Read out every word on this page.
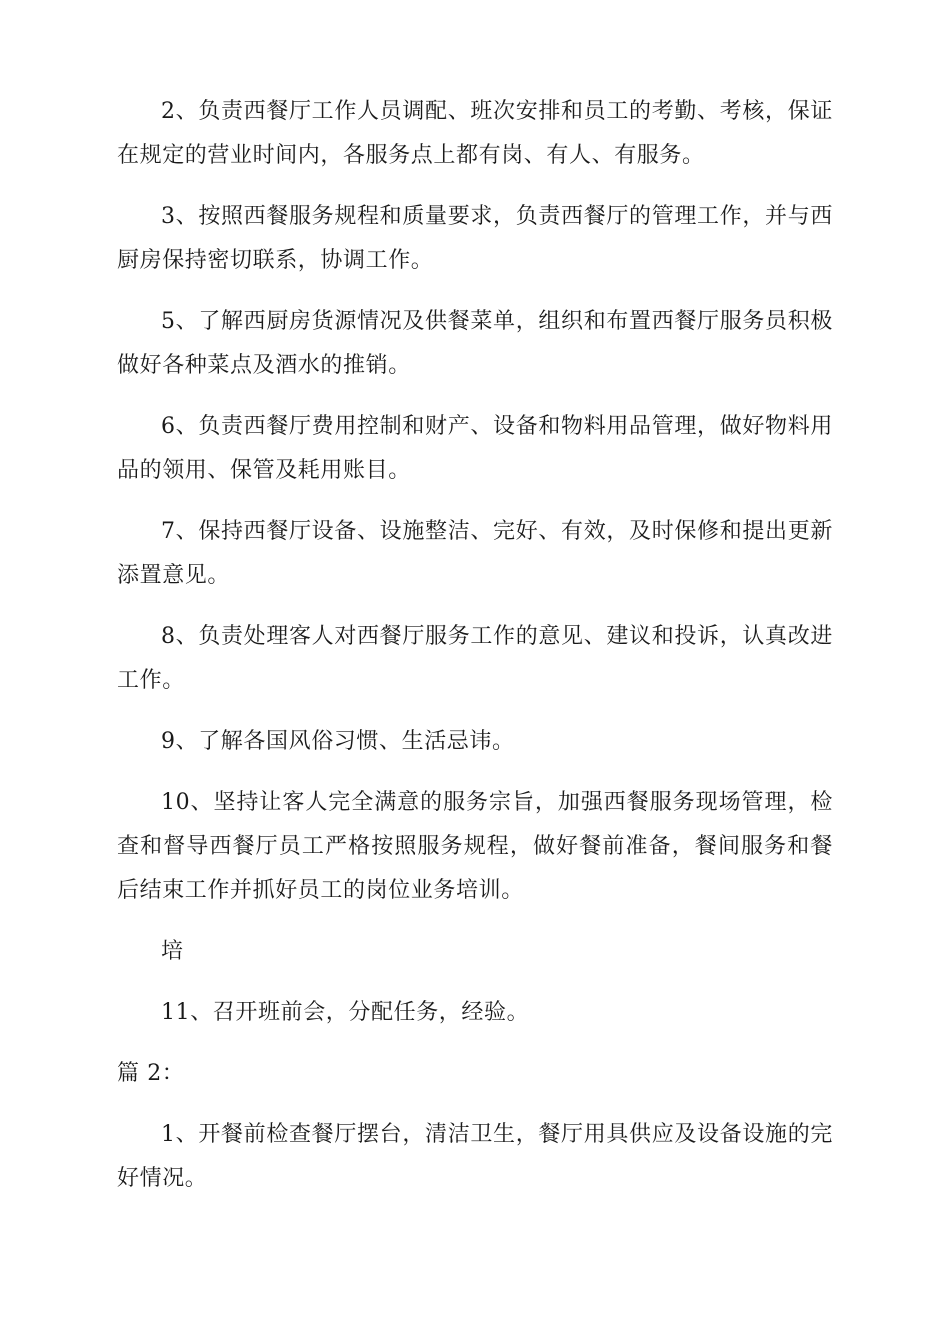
2、负责西餐厅工作人员调配、班次安排和员工的考勤、考核，保证在规定的营业时间内，各服务点上都有岗、有人、有服务。

3、按照西餐服务规程和质量要求，负责西餐厅的管理工作，并与西厨房保持密切联系，协调工作。

5、了解西厨房货源情况及供餐菜单，组织和布置西餐厅服务员积极做好各种菜点及酒水的推销。

6、负责西餐厅费用控制和财产、设备和物料用品管理，做好物料用品的领用、保管及耗用账目。

7、保持西餐厅设备、设施整洁、完好、有效，及时保修和提出更新添置意见。

8、负责处理客人对西餐厅服务工作的意见、建议和投诉，认真改进工作。

9、了解各国风俗习惯、生活忌讳。

10、坚持让客人完全满意的服务宗旨，加强西餐服务现场管理，检查和督导西餐厅员工严格按照服务规程，做好餐前准备，餐间服务和餐后结束工作并抓好员工的岗位业务培训。

培

11、召开班前会，分配任务，经验。

篇 2：

1、开餐前检查餐厅摆台，清洁卫生，餐厅用具供应及设备设施的完好情况。
